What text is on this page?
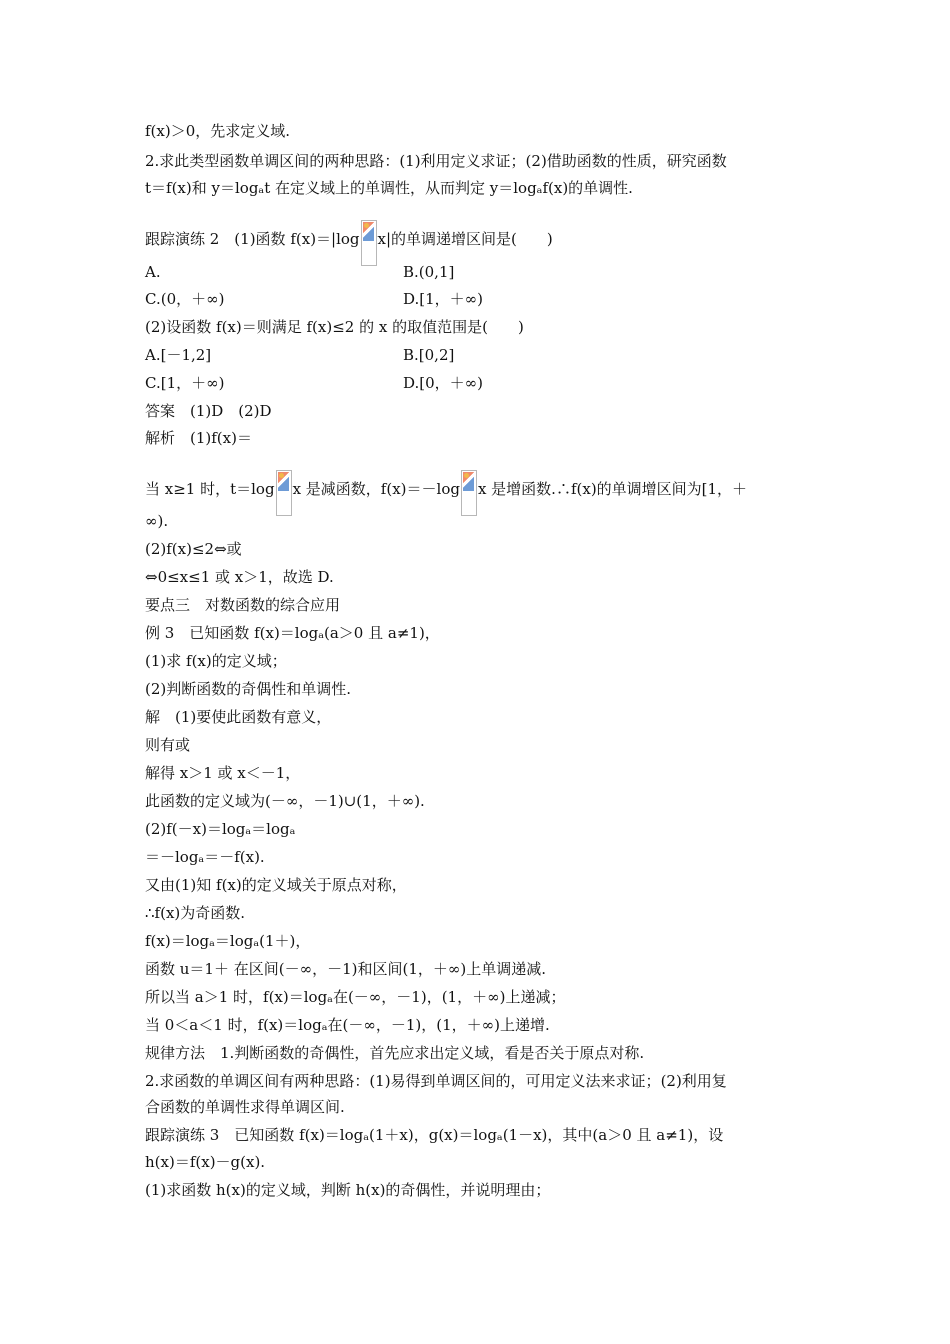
f(x)＞0，先求定义域.
2.求此类型函数单调区间的两种思路：(1)利用定义求证；(2)借助函数的性质，研究函数
t＝f(x)和 y＝logₐt 在定义域上的单调性，从而判定 y＝logₐf(x)的单调性.
跟踪演练 2　(1)函数 f(x)＝|log x|的单调递增区间是(　　)
A.	B.(0,1]
C.(0，＋∞)	D.[1，＋∞)
(2)设函数 f(x)＝则满足 f(x)≤2 的 x 的取值范围是(　　)
A.[－1,2]	B.[0,2]
C.[1，＋∞)	D.[0，＋∞)
答案　(1)D　(2)D
解析　(1)f(x)＝
当 x≥1 时，t＝log x 是减函数，f(x)＝－log x 是增函数.∴f(x)的单调增区间为[1，＋
∞).
(2)f(x)≤2⇔或
⇔0≤x≤1 或 x＞1，故选 D.
要点三　对数函数的综合应用
例 3　已知函数 f(x)＝logₐ(a＞0 且 a≠1)，
(1)求 f(x)的定义域；
(2)判断函数的奇偶性和单调性.
解　(1)要使此函数有意义，
则有或
解得 x＞1 或 x＜－1，
此函数的定义域为(－∞，－1)∪(1，＋∞).
(2)f(－x)＝logₐ＝logₐ
＝－logₐ＝－f(x).
又由(1)知 f(x)的定义域关于原点对称，
∴f(x)为奇函数.
f(x)＝logₐ＝logₐ(1＋)，
函数 u＝1＋ 在区间(－∞，－1)和区间(1，＋∞)上单调递减.
所以当 a＞1 时，f(x)＝logₐ在(－∞，－1)，(1，＋∞)上递减；
当 0＜a＜1 时，f(x)＝logₐ在(－∞，－1)，(1，＋∞)上递增.
规律方法　1.判断函数的奇偶性，首先应求出定义域，看是否关于原点对称.
2.求函数的单调区间有两种思路：(1)易得到单调区间的，可用定义法来求证；(2)利用复
合函数的单调性求得单调区间.
跟踪演练 3　已知函数 f(x)＝logₐ(1＋x)，g(x)＝logₐ(1－x)，其中(a＞0 且 a≠1)，设
h(x)＝f(x)－g(x).
(1)求函数 h(x)的定义域，判断 h(x)的奇偶性，并说明理由；
